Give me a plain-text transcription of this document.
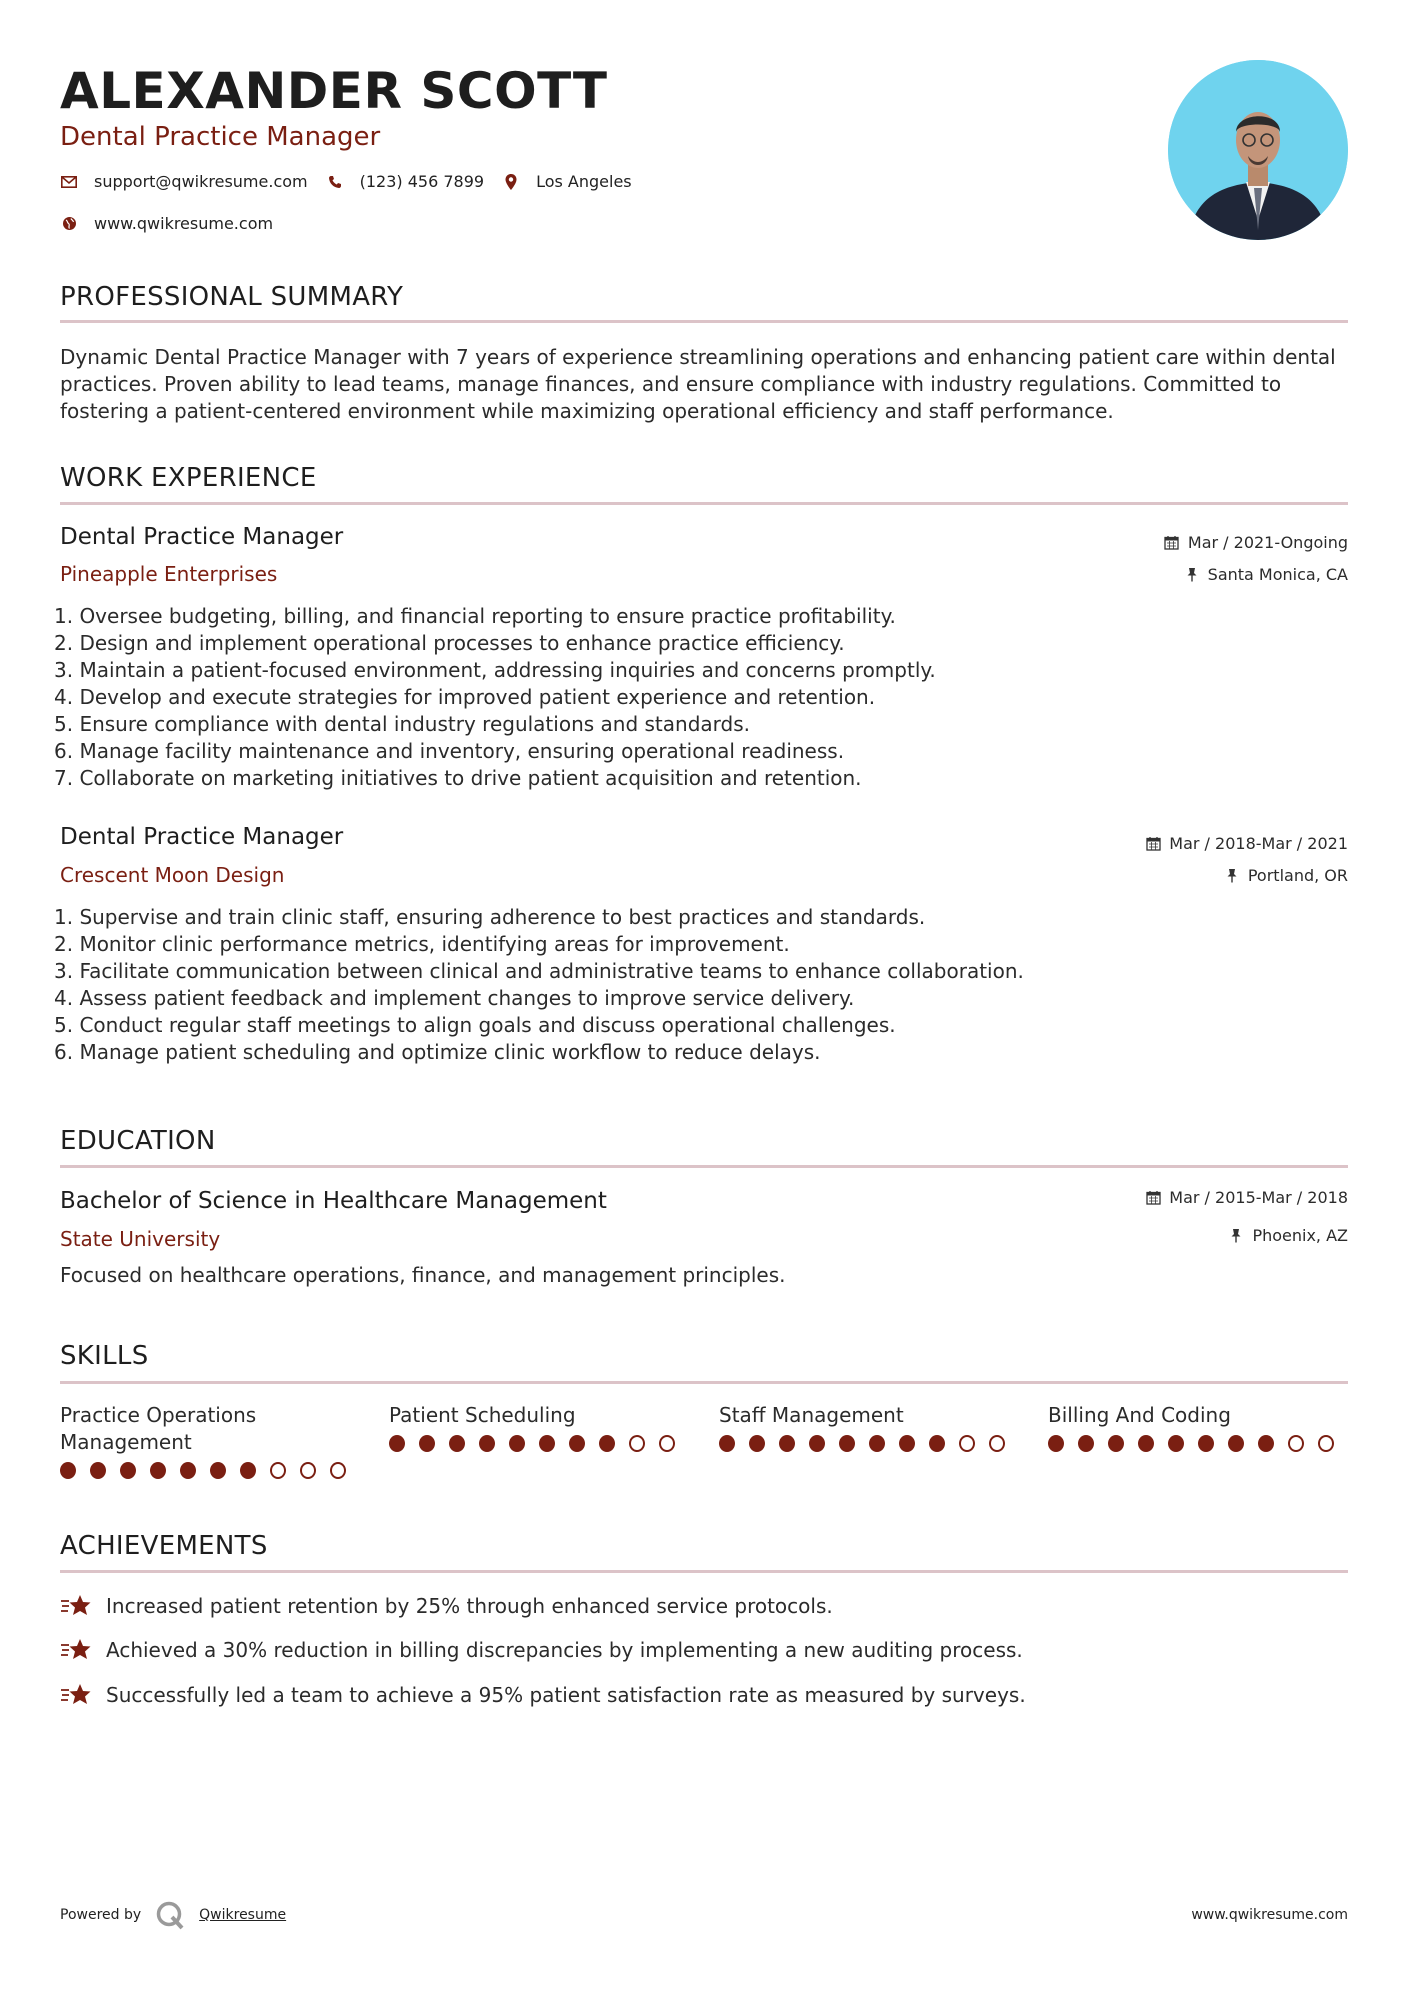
ALEXANDER SCOTT
Dental Practice Manager
support@qwikresume.com	(123) 456 7899	Los Angeles
www.qwikresume.com
PROFESSIONAL SUMMARY
Dynamic Dental Practice Manager with 7 years of experience streamlining operations and enhancing patient care within dental practices. Proven ability to lead teams, manage finances, and ensure compliance with industry regulations. Committed to fostering a patient-centered environment while maximizing operational efficiency and staff performance.
WORK EXPERIENCE
Dental Practice Manager
Pineapple Enterprises
Mar / 2021-Ongoing
Santa Monica, CA
1. Oversee budgeting, billing, and financial reporting to ensure practice profitability.
2. Design and implement operational processes to enhance practice efficiency.
3. Maintain a patient-focused environment, addressing inquiries and concerns promptly.
4. Develop and execute strategies for improved patient experience and retention.
5. Ensure compliance with dental industry regulations and standards.
6. Manage facility maintenance and inventory, ensuring operational readiness.
7. Collaborate on marketing initiatives to drive patient acquisition and retention.
Dental Practice Manager
Crescent Moon Design
Mar / 2018-Mar / 2021
Portland, OR
1. Supervise and train clinic staff, ensuring adherence to best practices and standards.
2. Monitor clinic performance metrics, identifying areas for improvement.
3. Facilitate communication between clinical and administrative teams to enhance collaboration.
4. Assess patient feedback and implement changes to improve service delivery.
5. Conduct regular staff meetings to align goals and discuss operational challenges.
6. Manage patient scheduling and optimize clinic workflow to reduce delays.
EDUCATION
Bachelor of Science in Healthcare Management
State University
Mar / 2015-Mar / 2018
Phoenix, AZ
Focused on healthcare operations, finance, and management principles.
SKILLS
Practice Operations Management
Patient Scheduling	Staff Management	Billing And Coding
ACHIEVEMENTS
Increased patient retention by 25% through enhanced service protocols.
Achieved a 30% reduction in billing discrepancies by implementing a new auditing process.
Successfully led a team to achieve a 95% patient satisfaction rate as measured by surveys.
Powered by	Qwikresume	www.qwikresume.com
